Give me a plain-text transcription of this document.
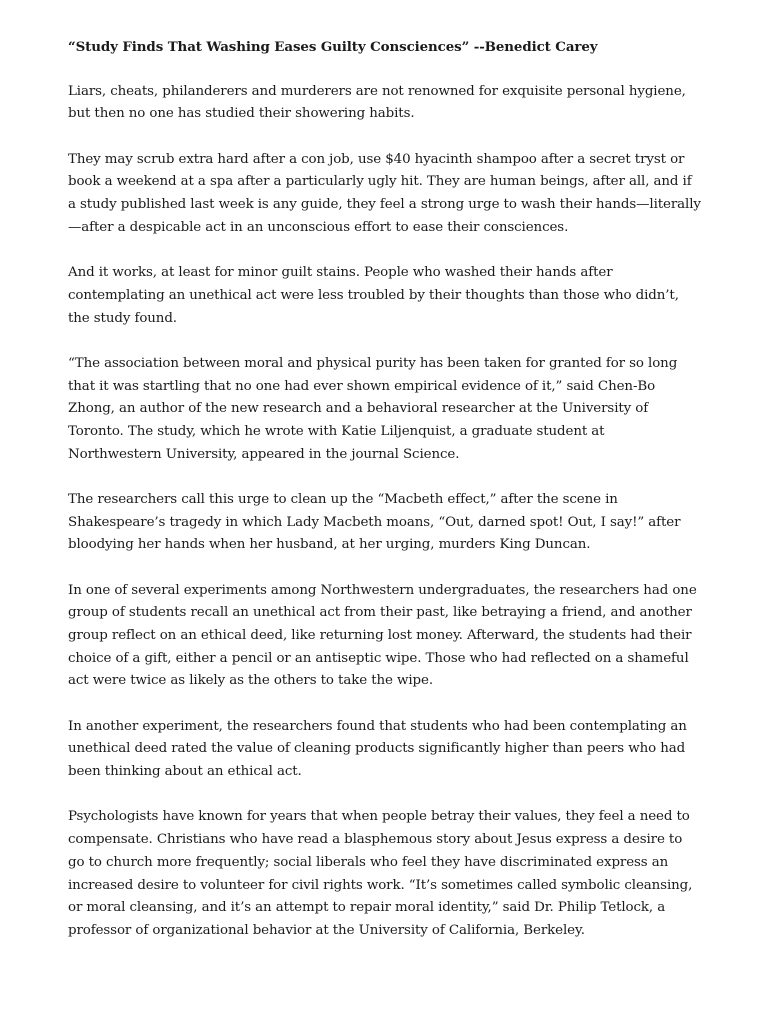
“Study Finds That Washing Eases Guilty Consciences” --Benedict Carey

Liars, cheats, philanderers and murderers are not renowned for exquisite personal hygiene, but then no one has studied their showering habits.

They may scrub extra hard after a con job, use $40 hyacinth shampoo after a secret tryst or book a weekend at a spa after a particularly ugly hit. They are human beings, after all, and if a study published last week is any guide, they feel a strong urge to wash their hands—literally—after a despicable act in an unconscious effort to ease their consciences.

And it works, at least for minor guilt stains. People who washed their hands after contemplating an unethical act were less troubled by their thoughts than those who didn’t, the study found.

“The association between moral and physical purity has been taken for granted for so long that it was startling that no one had ever shown empirical evidence of it,” said Chen-Bo Zhong, an author of the new research and a behavioral researcher at the University of Toronto. The study, which he wrote with Katie Liljenquist, a graduate student at Northwestern University, appeared in the journal Science.

The researchers call this urge to clean up the “Macbeth effect,” after the scene in Shakespeare’s tragedy in which Lady Macbeth moans, “Out, darned spot! Out, I say!” after bloodying her hands when her husband, at her urging, murders King Duncan.

In one of several experiments among Northwestern undergraduates, the researchers had one group of students recall an unethical act from their past, like betraying a friend, and another group reflect on an ethical deed, like returning lost money. Afterward, the students had their choice of a gift, either a pencil or an antiseptic wipe. Those who had reflected on a shameful act were twice as likely as the others to take the wipe.

In another experiment, the researchers found that students who had been contemplating an unethical deed rated the value of cleaning products significantly higher than peers who had been thinking about an ethical act.

Psychologists have known for years that when people betray their values, they feel a need to compensate. Christians who have read a blasphemous story about Jesus express a desire to go to church more frequently; social liberals who feel they have discriminated express an increased desire to volunteer for civil rights work. “It’s sometimes called symbolic cleansing, or moral cleansing, and it’s an attempt to repair moral identity,” said Dr. Philip Tetlock, a professor of organizational behavior at the University of California, Berkeley.
